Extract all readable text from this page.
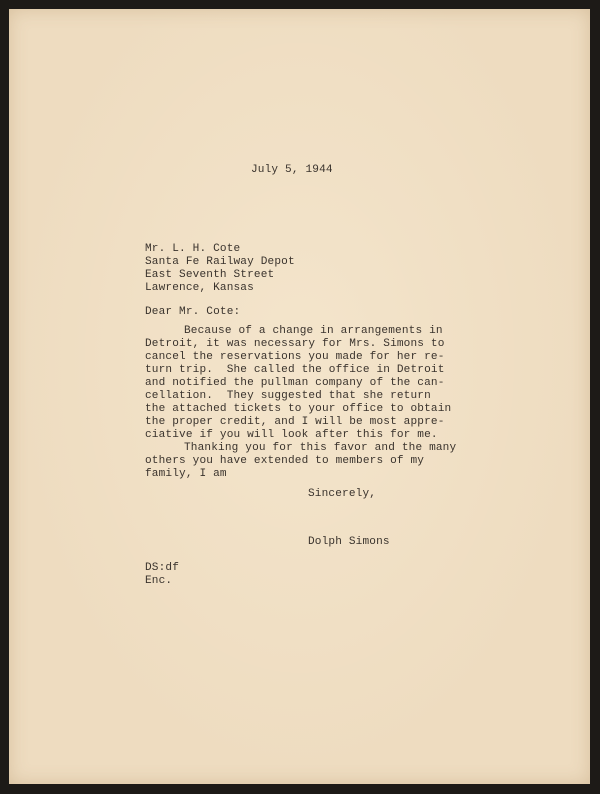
July 5, 1944
Mr. L. H. Cote
Santa Fe Railway Depot
East Seventh Street
Lawrence, Kansas
Dear Mr. Cote:
Because of a change in arrangements in
Detroit, it was necessary for Mrs. Simons to
cancel the reservations you made for her re-
turn trip.  She called the office in Detroit
and notified the pullman company of the can-
cellation.  They suggested that she return
the attached tickets to your office to obtain
the proper credit, and I will be most appre-
ciative if you will look after this for me.
Thanking you for this favor and the many
others you have extended to members of my
family, I am
Sincerely,
Dolph Simons
DS:df
Enc.
